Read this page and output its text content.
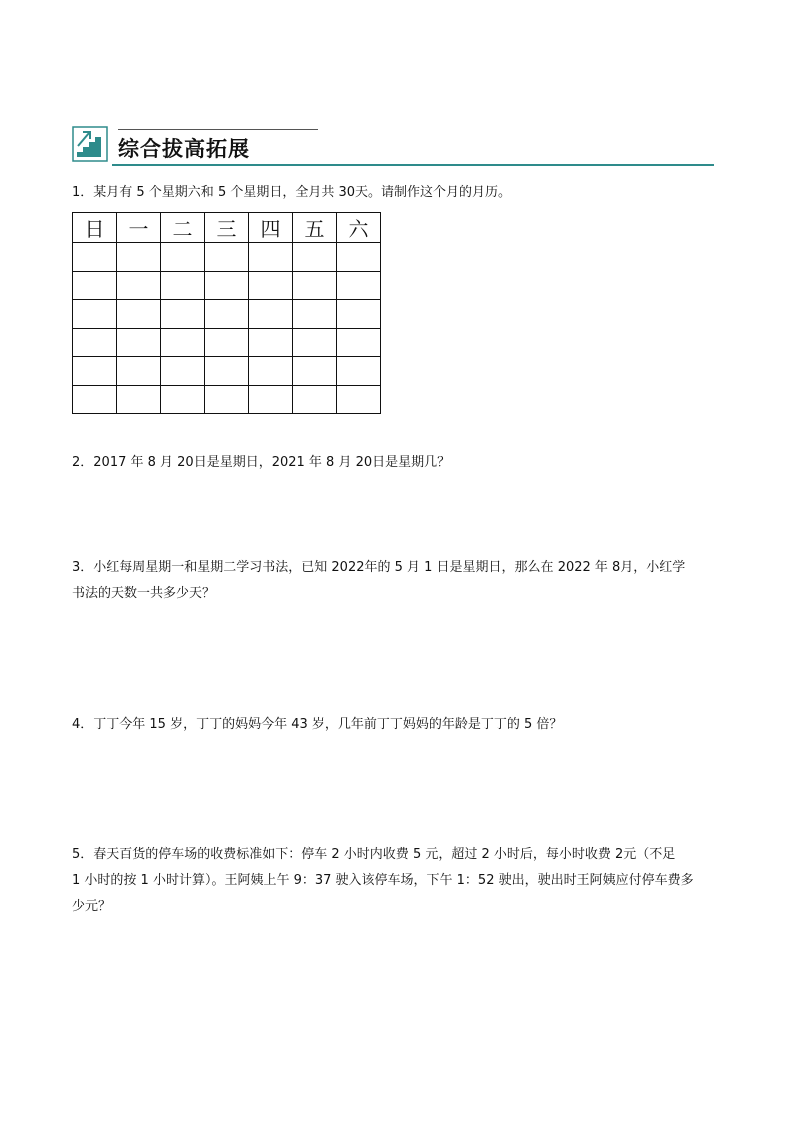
综合拔高拓展
1．某月有 5 个星期六和 5 个星期日，全月共 30天。请制作这个月的月历。
日	一	二	三	四	五	六

2．2017 年 8 月 20日是星期日，2021 年 8 月 20日是星期几？
3．小红每周星期一和星期二学习书法，已知 2022年的 5 月 1 日是星期日，那么在 2022 年 8月，小红学
书法的天数一共多少天？
4．丁丁今年 15 岁，丁丁的妈妈今年 43 岁，几年前丁丁妈妈的年龄是丁丁的 5 倍？
5．春天百货的停车场的收费标准如下：停车 2 小时内收费 5 元，超过 2 小时后，每小时收费 2元（不足
1 小时的按 1 小时计算）。王阿姨上午 9：37 驶入该停车场，下午 1：52 驶出，驶出时王阿姨应付停车费多
少元？
